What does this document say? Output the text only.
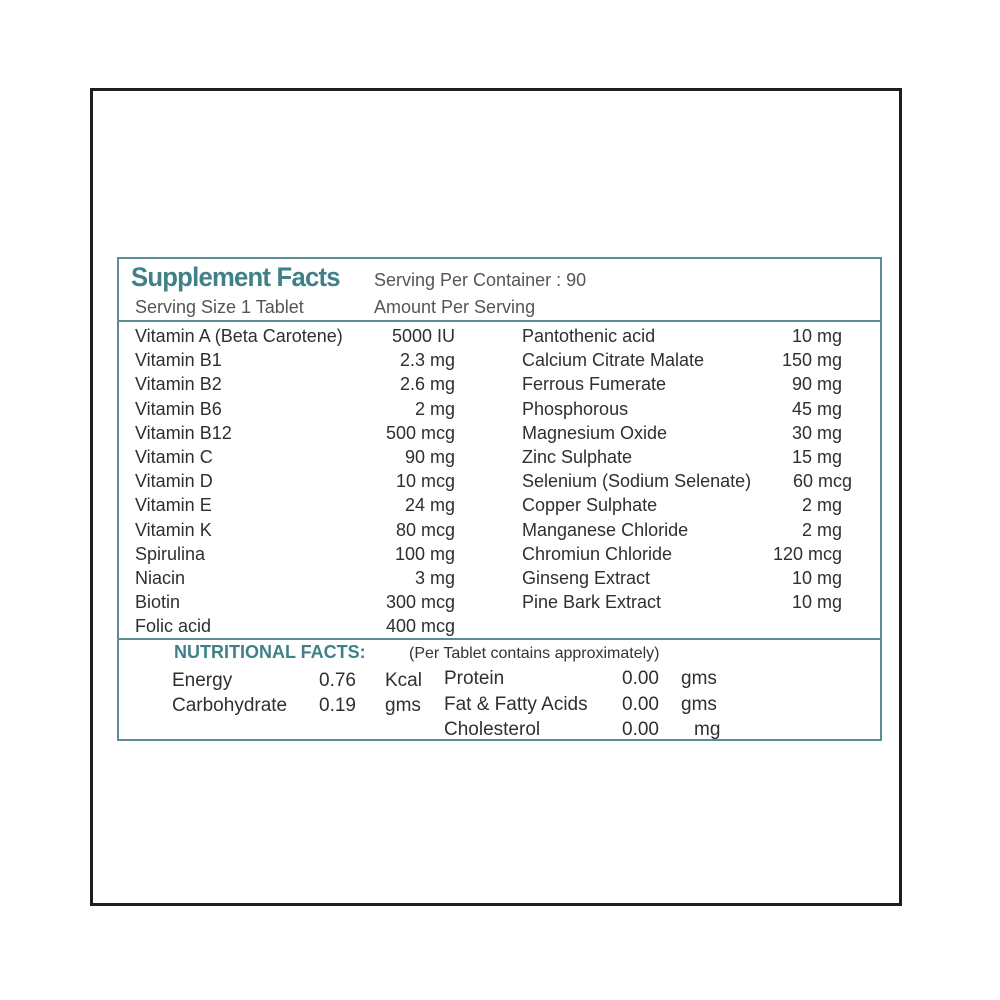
Supplement Facts Serving Per Container : 90
Serving Size 1 Tablet	Amount Per Serving
Vitamin A (Beta Carotene)	5000 IU
Vitamin B1	2.3 mg
Vitamin B2	2.6 mg
Vitamin B6	2 mg
Vitamin B12	500 mcg
Vitamin C	90 mg
Vitamin D	10 mcg
Vitamin E	24 mg
Vitamin K	80 mcg
Spirulina	100 mg
Niacin	3 mg
Biotin	300 mcg
Folic acid	400 mcg
Pantothenic acid	10 mg
Calcium Citrate Malate	150 mg
Ferrous Fumerate	90 mg
Phosphorous	45 mg
Magnesium Oxide	30 mg
Zinc Sulphate	15 mg
Selenium (Sodium Selenate) 60 mcg
Copper Sulphate	2 mg
Manganese Chloride	2 mg
Chromiun Chloride	120 mcg
Ginseng Extract	10 mg
Pine Bark Extract	10 mg
NUTRITIONAL FACTS:	(Per Tablet contains approximately)
Energy	0.76 Kcal
Carbohydrate 0.19 gms
Protein	0.00 gms
Fat & Fatty Acids 0.00 gms
Cholesterol	0.00 mg
